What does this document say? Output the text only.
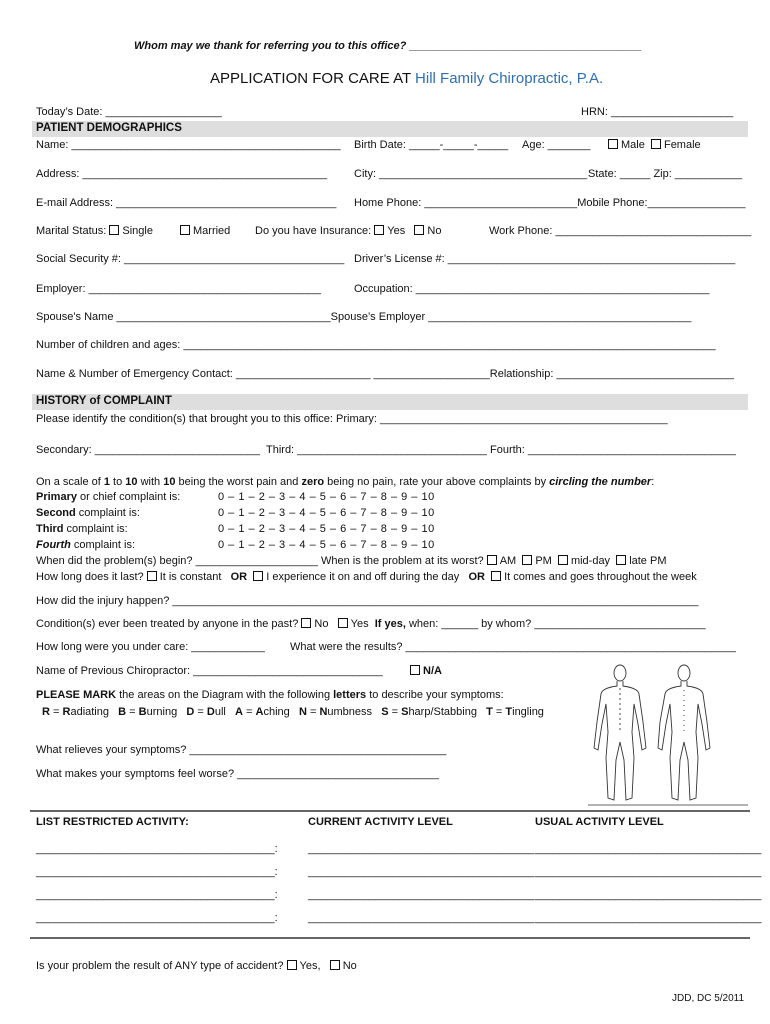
Whom may we thank for referring you to this office? ______________________________________
APPLICATION FOR CARE AT Hill Family Chiropractic, P.A.
Today’s Date: ___________________	HRN: ____________________
PATIENT DEMOGRAPHICS
Name: ____________________________________________ Birth Date: _____-_____-_____ Age: _______	Male Female
Address: ________________________________________ City: __________________________________ State: _____ Zip: ___________
E-mail Address: ____________________________________ Home Phone: _________________________Mobile Phone:________________
Marital Status: Single	Married Do you have Insurance: Yes No	Work Phone: ________________________________
Social Security #: ____________________________________ Driver’s License #: _______________________________________________
Employer: ______________________________________	Occupation: ________________________________________________
Spouse’s Name ___________________________________Spouse’s Employer ___________________________________________
Number of children and ages: _______________________________________________________________________________________
Name & Number of Emergency Contact: ______________________ ___________________Relationship: _____________________________
HISTORY of COMPLAINT
Please identify the condition(s) that brought you to this office: Primary: _______________________________________________
Secondary: ___________________________ Third: _______________________________ Fourth: __________________________________
On a scale of 1 to 10 with 10 being the worst pain and zero being no pain, rate your above complaints by circling the number:
Primary or chief complaint is:	0 – 1 – 2 – 3 – 4 – 5 – 6 – 7 – 8 – 9 – 10
Second complaint is:	0 – 1 – 2 – 3 – 4 – 5 – 6 – 7 – 8 – 9 – 10
Third complaint is:	0 – 1 – 2 – 3 – 4 – 5 – 6 – 7 – 8 – 9 – 10
Fourth complaint is:	0 – 1 – 2 – 3 – 4 – 5 – 6 – 7 – 8 – 9 – 10
When did the problem(s) begin? ____________________ When is the problem at its worst? AM PM mid-day late PM
How long does it last? It is constant OR I experience it on and off during the day OR It comes and goes throughout the week
How did the injury happen? ______________________________________________________________________________________
Condition(s) ever been treated by anyone in the past? No Yes If yes, when: ______ by whom? ____________________________
How long were you under care: ____________ What were the results? ______________________________________________________
Name of Previous Chiropractor: _______________________________	N/A
PLEASE MARK the areas on the Diagram with the following letters to describe your symptoms:
R = Radiating B = Burning D = Dull A = Aching N = Numbness S = Sharp/Stabbing T = Tingling
What relieves your symptoms? __________________________________________
What makes your symptoms feel worse? _________________________________
LIST RESTRICTED ACTIVITY:	CURRENT ACTIVITY LEVEL	USUAL ACTIVITY LEVEL
_______________________________________:	_____________________________________ _____________________________________
_______________________________________:	_____________________________________ _____________________________________
_______________________________________:	_____________________________________ _____________________________________
_______________________________________:	_____________________________________ _____________________________________
Is your problem the result of ANY type of accident? Yes, No
JDD, DC 5/2011
